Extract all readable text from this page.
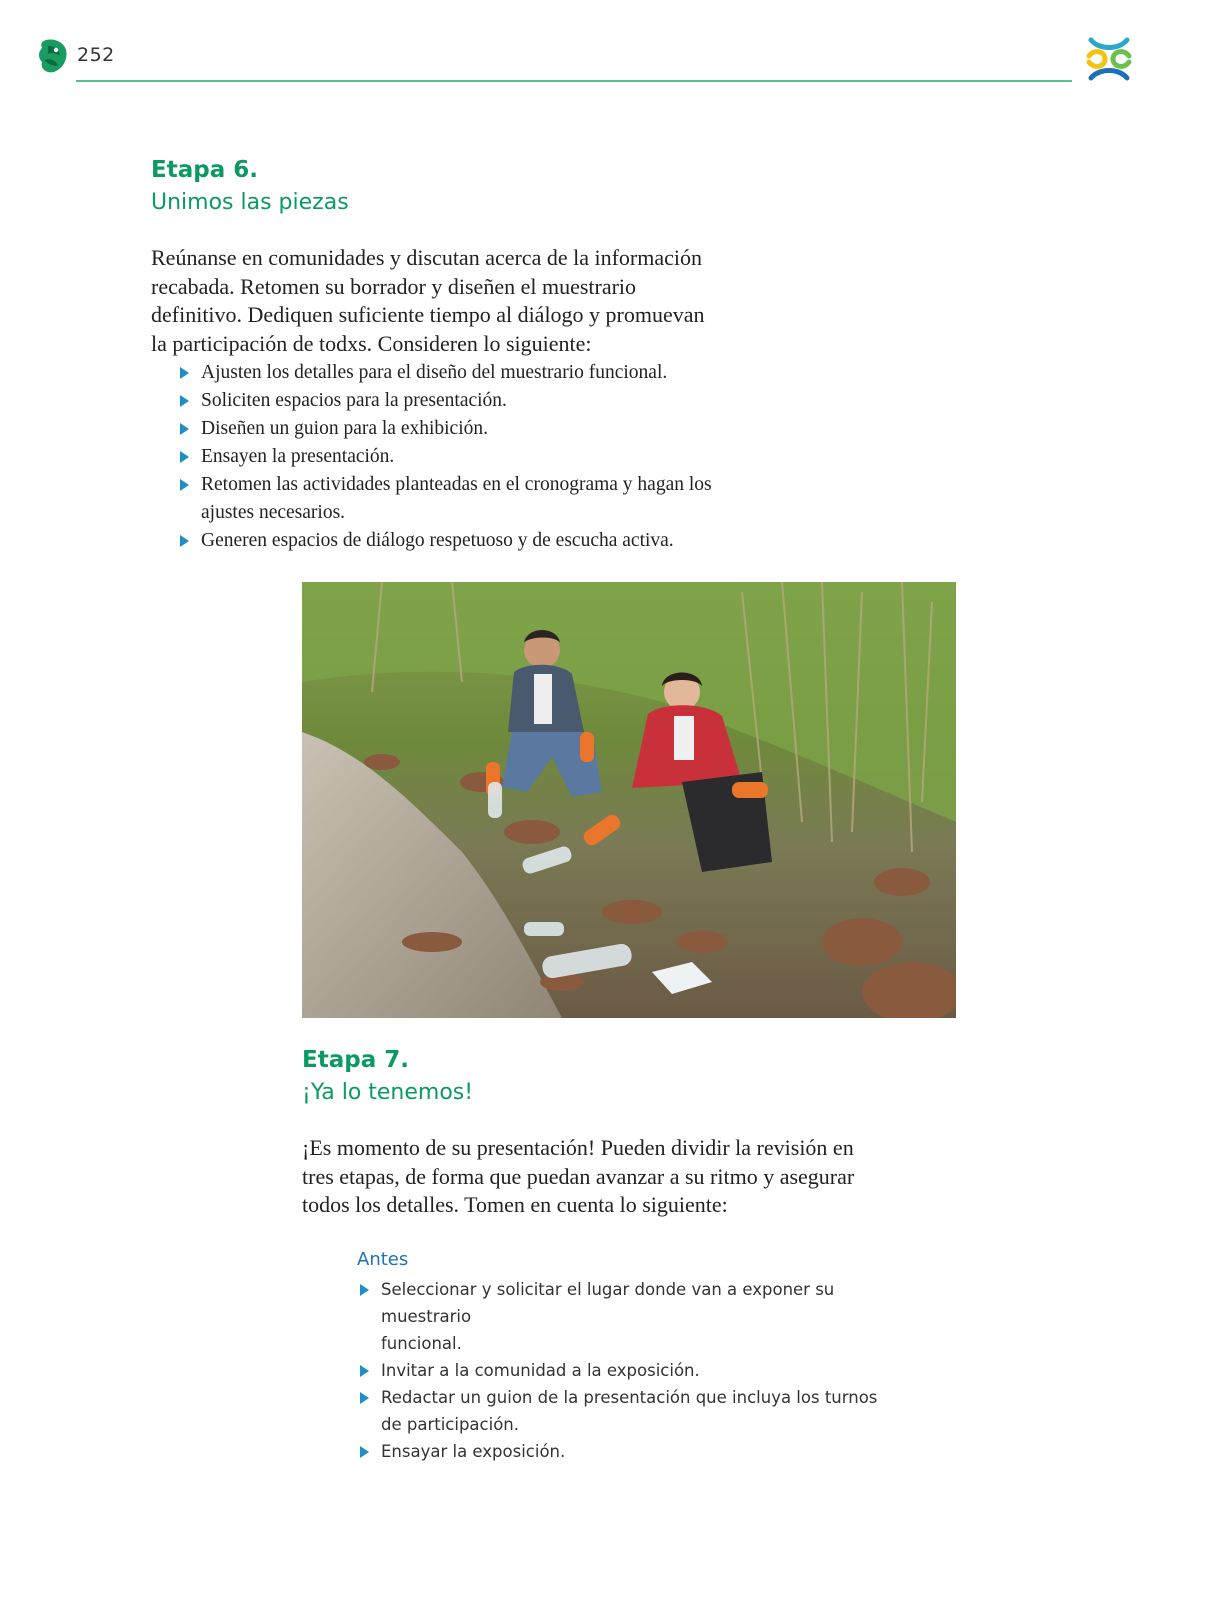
252
Etapa 6.
Unimos las piezas

Reúnanse en comunidades y discutan acerca de la información
recabada. Retomen su borrador y diseñen el muestrario
definitivo. Dediquen suficiente tiempo al diálogo y promuevan
la participación de todxs. Consideren lo siguiente:

Ajusten los detalles para el diseño del muestrario funcional.
Soliciten espacios para la presentación.
Diseñen un guion para la exhibición.
Ensayen la presentación.
Retomen las actividades planteadas en el cronograma y hagan los
ajustes necesarios.
Generen espacios de diálogo respetuoso y de escucha activa.
Etapa 7.
¡Ya lo tenemos!

¡Es momento de su presentación! Pueden dividir la revisión en
tres etapas, de forma que puedan avanzar a su ritmo y asegurar
todos los detalles. Tomen en cuenta lo siguiente:

Antes
Seleccionar y solicitar el lugar donde van a exponer su muestrario
funcional.
Invitar a la comunidad a la exposición.
Redactar un guion de la presentación que incluya los turnos
de participación.
Ensayar la exposición.
